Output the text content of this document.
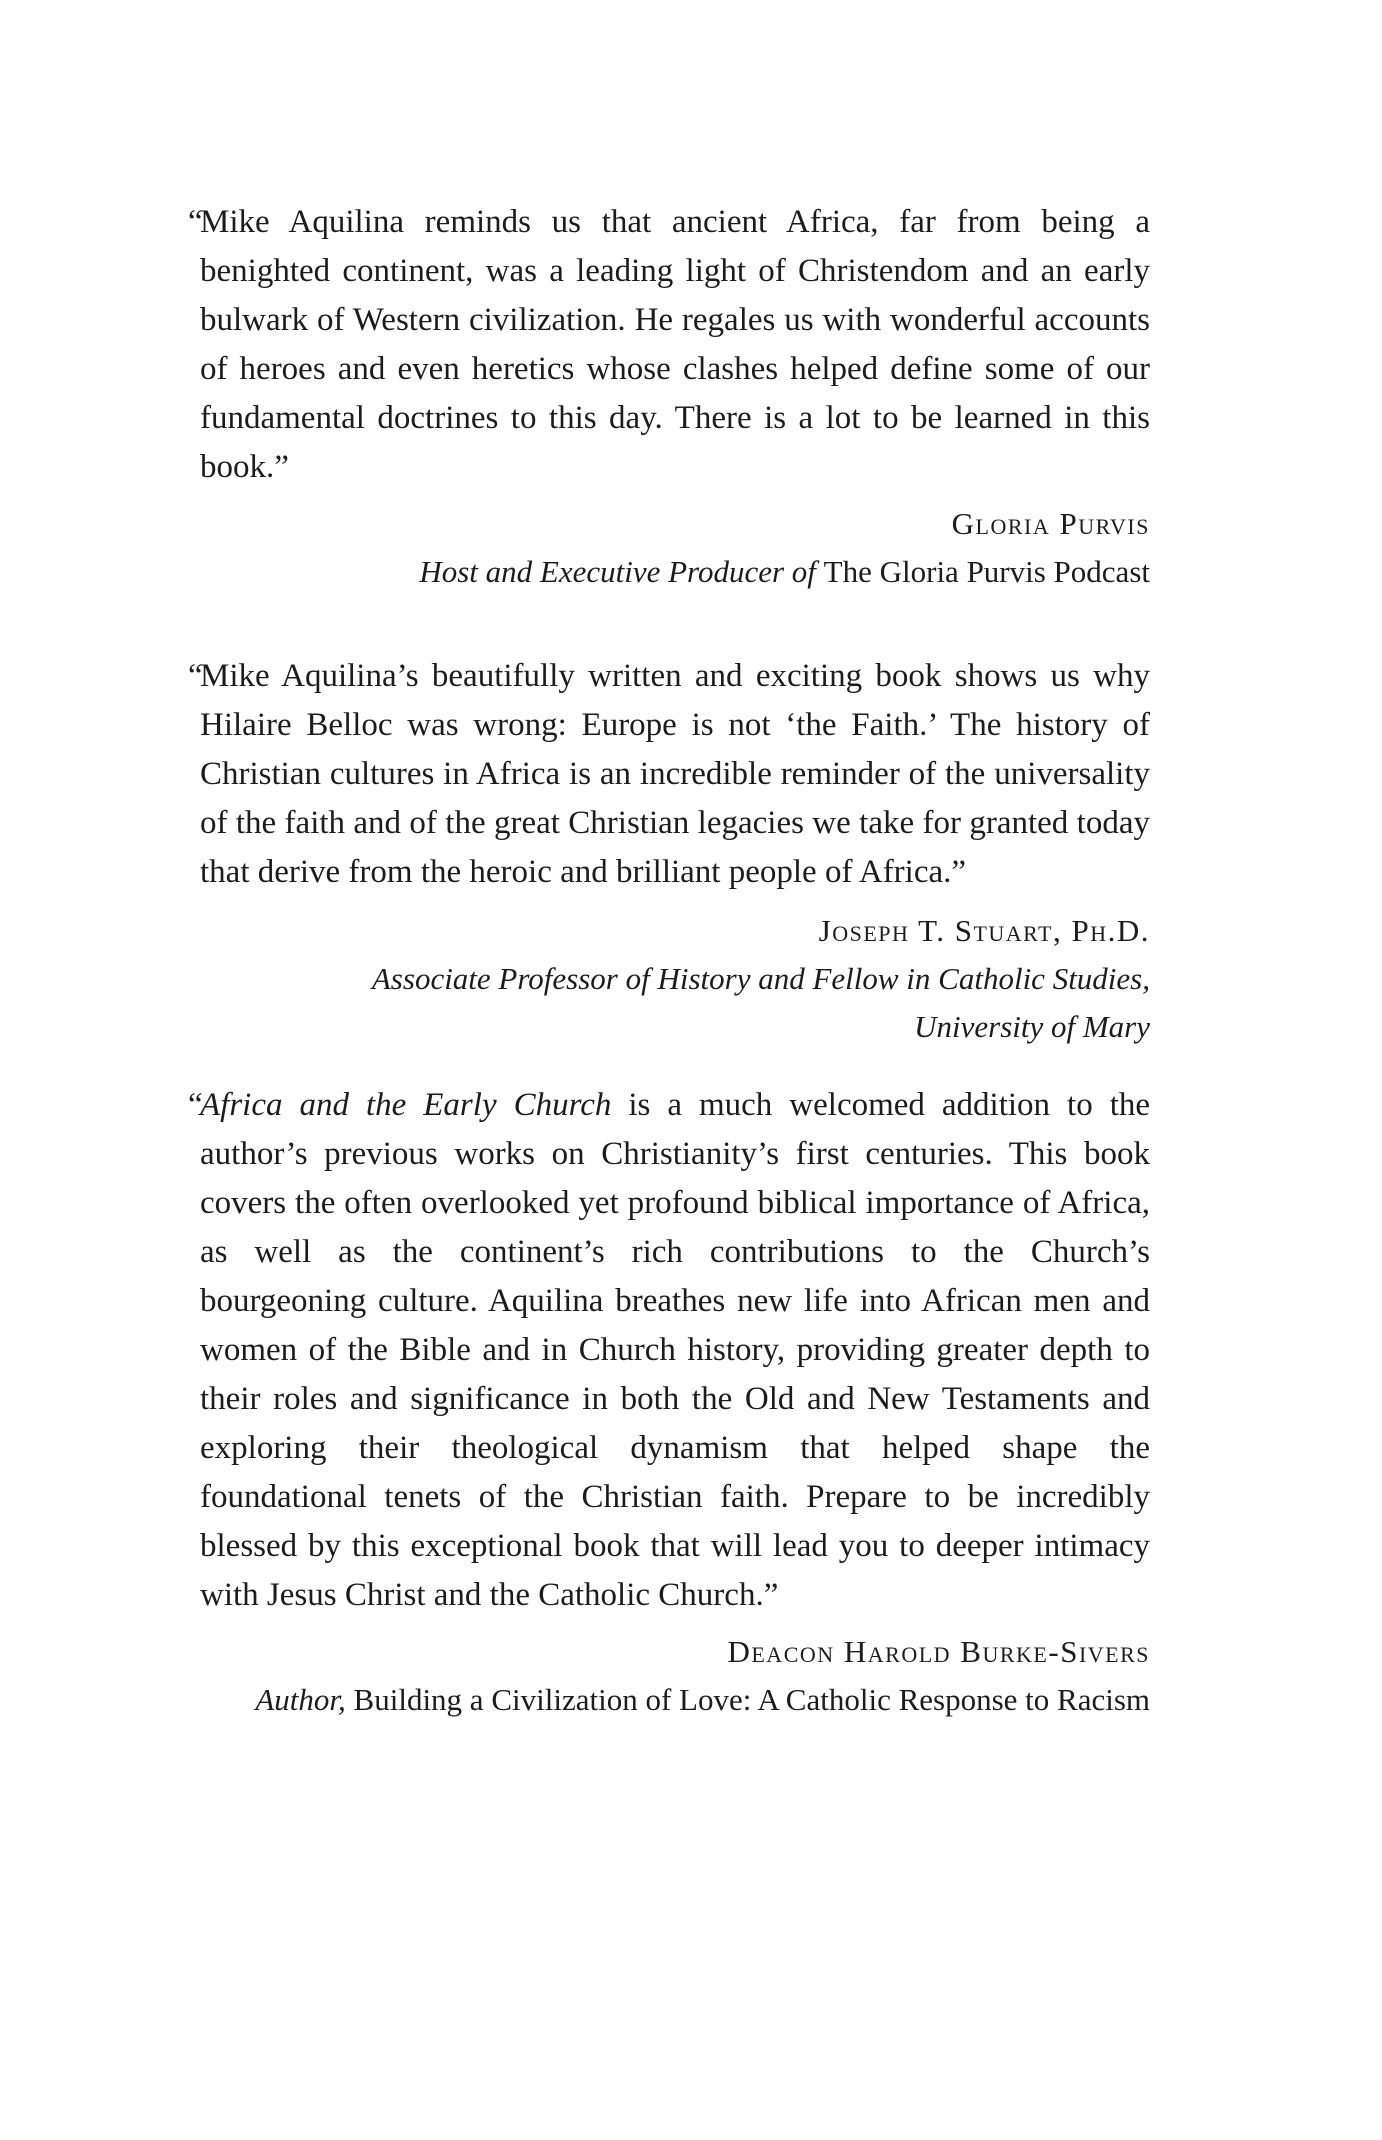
“
Mike Aquilina reminds us that ancient Africa, far from being a benighted continent, was a leading light of Christendom and an early bulwark of Western civilization. He regales us with wonderful accounts of heroes and even heretics whose clashes helped define some of our fundamental doctrines to this day. There is a lot to be learned in this book.”

Gloria Purvis

Host and Executive Producer of The Gloria Purvis Podcast

“
Mike Aquilina’s beautifully written and exciting book shows us why Hilaire Belloc was wrong: Europe is not ‘the Faith.’ The history of Christian cultures in Africa is an incredible reminder of the universality of the faith and of the great Christian legacies we take for granted today that derive from the heroic and brilliant people of Africa.”

Joseph T. Stuart, Ph.D.

Associate Professor of History and Fellow in Catholic Studies,

University of Mary

“
Africa and the Early Church is a much welcomed addition to the author’s previous works on Christianity’s first centuries. This book covers the often overlooked yet profound biblical importance of Africa, as well as the continent’s rich contributions to the Church’s bourgeoning culture. Aquilina breathes new life into African men and women of the Bible and in Church history, providing greater depth to their roles and significance in both the Old and New Testaments and exploring their theological dynamism that helped shape the foundational tenets of the Christian faith. Prepare to be incredibly blessed by this exceptional book that will lead you to deeper intimacy with Jesus Christ and the Catholic Church.”

Deacon Harold Burke-Sivers

Author, Building a Civilization of Love: A Catholic Response to Racism
